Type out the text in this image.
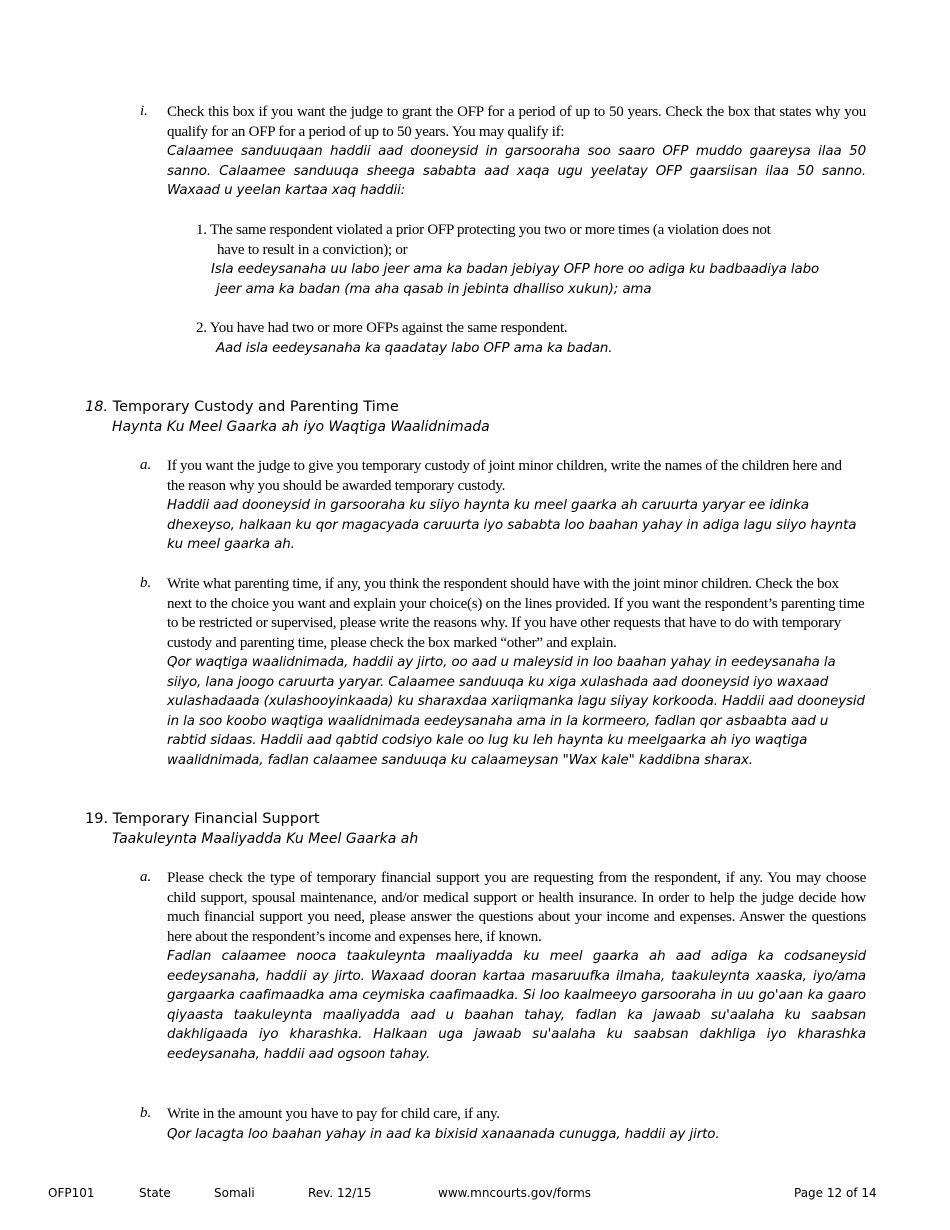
i. Check this box if you want the judge to grant the OFP for a period of up to 50 years. Check the box that states why you qualify for an OFP for a period of up to 50 years. You may qualify if:
Calaamee sanduuqaan haddii aad dooneysid in garsooraha soo saaro OFP muddo gaareysa ilaa 50 sanno. Calaamee sanduuqa sheega sababta aad xaqa ugu yeelatay OFP gaarsiisan ilaa 50 sanno. Waxaad u yeelan kartaa xaq haddii:
1. The same respondent violated a prior OFP protecting you two or more times (a violation does not
have to result in a conviction); or
Isla eedeysanaha uu labo jeer ama ka badan jebiyay OFP hore oo adiga ku badbaadiya labo
jeer ama ka badan (ma aha qasab in jebinta dhalliso xukun); ama
2. You have had two or more OFPs against the same respondent.
Aad isla eedeysanaha ka qaadatay labo OFP ama ka badan.
18. Temporary Custody and Parenting Time
Haynta Ku Meel Gaarka ah iyo Waqtiga Waalidnimada
a. If you want the judge to give you temporary custody of joint minor children, write the names of the children here and the reason why you should be awarded temporary custody.
Haddii aad dooneysid in garsooraha ku siiyo haynta ku meel gaarka ah caruurta yaryar ee idinka dhexeyso, halkaan ku qor magacyada caruurta iyo sababta loo baahan yahay in adiga lagu siiyo haynta ku meel gaarka ah.
b. Write what parenting time, if any, you think the respondent should have with the joint minor children. Check the box next to the choice you want and explain your choice(s) on the lines provided. If you want the respondent’s parenting time to be restricted or supervised, please write the reasons why. If you have other requests that have to do with temporary custody and parenting time, please check the box marked “other” and explain.
Qor waqtiga waalidnimada, haddii ay jirto, oo aad u maleysid in loo baahan yahay in eedeysanaha la siiyo, lana joogo caruurta yaryar. Calaamee sanduuqa ku xiga xulashada aad dooneysid iyo waxaad xulashadaada (xulashooyinkaada) ku sharaxdaa xariiqmanka lagu siiyay korkooda. Haddii aad dooneysid in la soo koobo waqtiga waalidnimada eedeysanaha ama in la kormeero, fadlan qor asbaabta aad u rabtid sidaas. Haddii aad qabtid codsiyo kale oo lug ku leh haynta ku meelgaarka ah iyo waqtiga waalidnimada, fadlan calaamee sanduuqa ku calaameysan "Wax kale" kaddibna sharax.
19. Temporary Financial Support
Taakuleynta Maaliyadda Ku Meel Gaarka ah
a. Please check the type of temporary financial support you are requesting from the respondent, if any. You may choose child support, spousal maintenance, and/or medical support or health insurance. In order to help the judge decide how much financial support you need, please answer the questions about your income and expenses. Answer the questions here about the respondent’s income and expenses here, if known.
Fadlan calaamee nooca taakuleynta maaliyadda ku meel gaarka ah aad adiga ka codsaneysid eedeysanaha, haddii ay jirto. Waxaad dooran kartaa masaruufka ilmaha, taakuleynta xaaska, iyo/ama gargaarka caafimaadka ama ceymiska caafimaadka. Si loo kaalmeeyo garsooraha in uu go'aan ka gaaro qiyaasta taakuleynta maaliyadda aad u baahan tahay, fadlan ka jawaab su'aalaha ku saabsan dakhligaada iyo kharashka. Halkaan uga jawaab su'aalaha ku saabsan dakhliga iyo kharashka eedeysanaha, haddii aad ogsoon tahay.
b. Write in the amount you have to pay for child care, if any.
Qor lacagta loo baahan yahay in aad ka bixisid xanaanada cunugga, haddii ay jirto.
OFP101	State	Somali	Rev. 12/15	www.mncourts.gov/forms	Page 12 of 14
